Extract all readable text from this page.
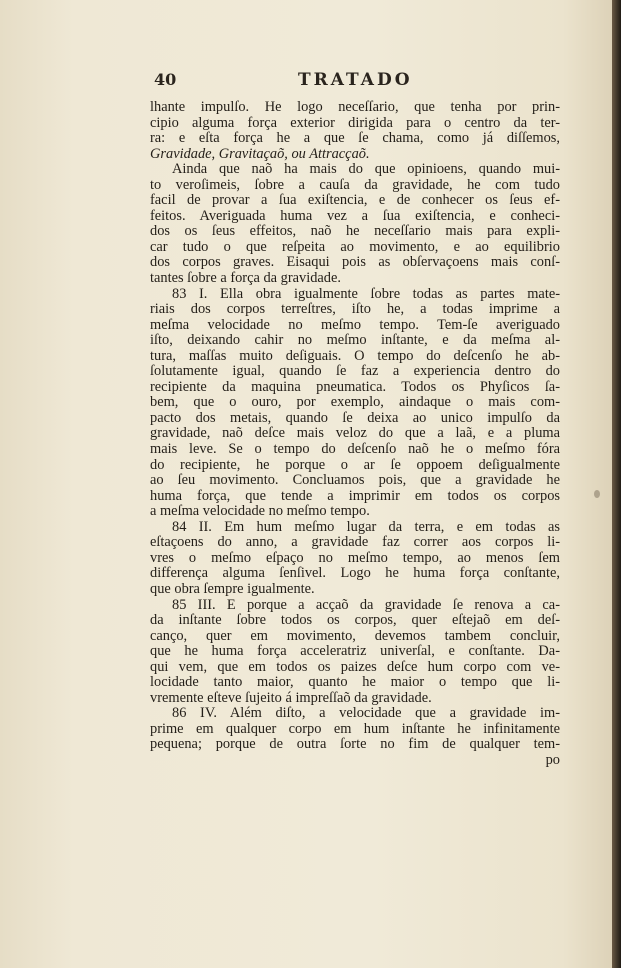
40	TRATADO
lhante impulſo. He logo neceſſario, que tenha por prin-
cipio alguma força exterior dirigida para o centro da ter-
ra: e eſta força he a que ſe chama, como já diſſemos,
Gravidade, Gravitaçaõ, ou Attracçaõ.
Ainda que naõ ha mais do que opinioens, quando mui-
to veroſimeis, ſobre a cauſa da gravidade, he com tudo
facil de provar a ſua exiſtencia, e de conhecer os ſeus ef-
feitos. Averiguada huma vez a ſua exiſtencia, e conheci-
dos os ſeus effeitos, naõ he neceſſario mais para expli-
car tudo o que reſpeita ao movimento, e ao equilibrio
dos corpos graves. Eisaqui pois as obſervaçoens mais conſ-
tantes ſobre a força da gravidade.
83 I. Ella obra igualmente ſobre todas as partes mate-
riais dos corpos terreſtres, iſto he, a todas imprime a
meſma velocidade no meſmo tempo. Tem-ſe averiguado
iſto, deixando cahir no meſmo inſtante, e da meſma al-
tura, maſſas muito deſiguais. O tempo do deſcenſo he ab-
ſolutamente igual, quando ſe faz a experiencia dentro do
recipiente da maquina pneumatica. Todos os Phyſicos ſa-
bem, que o ouro, por exemplo, aindaque o mais com-
pacto dos metais, quando ſe deixa ao unico impulſo da
gravidade, naõ deſce mais veloz do que a laã, e a pluma
mais leve. Se o tempo do deſcenſo naõ he o meſmo fóra
do recipiente, he porque o ar ſe oppoem deſigualmente
ao ſeu movimento. Concluamos pois, que a gravidade he
huma força, que tende a imprimir em todos os corpos
a meſma velocidade no meſmo tempo.
84 II. Em hum meſmo lugar da terra, e em todas as
eſtaçoens do anno, a gravidade faz correr aos corpos li-
vres o meſmo eſpaço no meſmo tempo, ao menos ſem
differença alguma ſenſivel. Logo he huma força conſtante,
que obra ſempre igualmente.
85 III. E porque a acçaõ da gravidade ſe renova a ca-
da inſtante ſobre todos os corpos, quer eſtejaõ em deſ-
canço, quer em movimento, devemos tambem concluir,
que he huma força acceleratriz univerſal, e conſtante. Da-
qui vem, que em todos os paizes deſce hum corpo com ve-
locidade tanto maior, quanto he maior o tempo que li-
vremente eſteve ſujeito á impreſſaõ da gravidade.
86 IV. Além diſto, a velocidade que a gravidade im-
prime em qualquer corpo em hum inſtante he infinitamente
pequena; porque de outra ſorte no fim de qualquer tem-
po
